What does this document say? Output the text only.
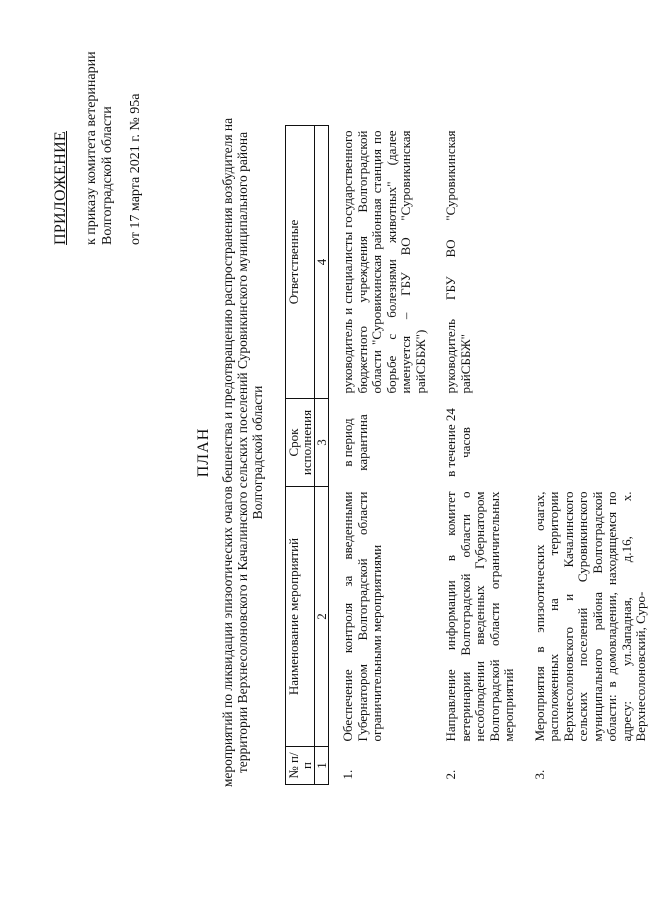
ПРИЛОЖЕНИЕ к приказу комитета ветеринарии Волгоградской области от 17 марта 2021 г. № 95а

ПЛАН мероприятий по ликвидации эпизоотических очагов бешенства и предотвращению распространения возбудителя на территории Верхнесолоновского и Качалинского сельских поселений Суровикинского муниципального района Волгоградской области

№ п/п	Наименование мероприятий	Срок исполнения	Ответственные
1	2	3	4
1.	Обеспечение контроля за введенными Губернатором Волгоградской области ограничительными мероприятиями	в период карантина	руководитель и специалисты государственного бюджетного учреждения Волгоградской области "Суровикинская районная станция по борьбе с болезнями животных" (далее именуется – ГБУ ВО "Суровикинская райСББЖ")
2.	Направление информации в комитет ветеринарии Волгоградской области о несоблюдении введенных Губернатором Волгоградской области ограничительных мероприятий	в течение 24 часов	руководитель ГБУ ВО "Суровикинская райСББЖ"
3.	Мероприятия в эпизоотических очагах, расположенных на территории Верхнесолоновского и Качалинского сельских поселений Суровикинского муниципального района Волгоградской области: в домовладении, находящемся по адресу: ул.Западная, д.16, х. Верхнесолоновский, Суро-		
